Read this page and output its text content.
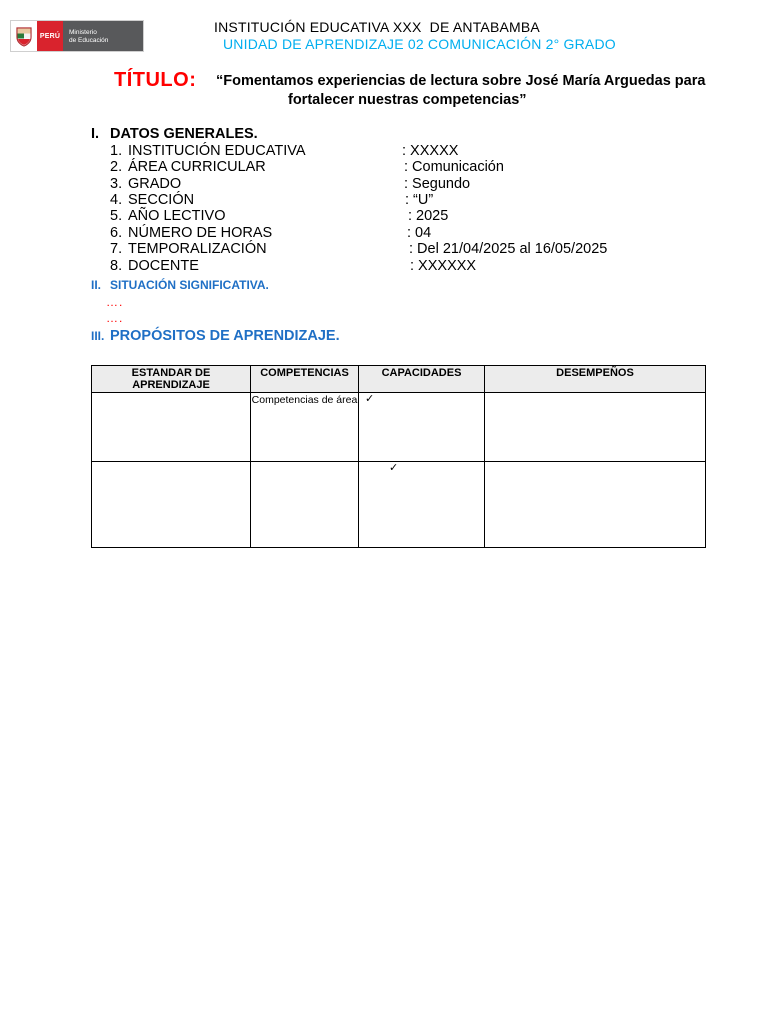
PERÚ	Ministerio
de Educación
INSTITUCIÓN EDUCATIVA XXX  DE ANTABAMBA
UNIDAD DE APRENDIZAJE 02 COMUNICACIÓN 2° GRADO
TÍTULO: “Fomentamos experiencias de lectura sobre José María Arguedas para
fortalecer nuestras competencias”
I. DATOS GENERALES.
1. INSTITUCIÓN EDUCATIVA	: XXXXX
2. ÁREA CURRICULAR	: Comunicación
3. GRADO	: Segundo
4. SECCIÓN	: “U”
5. AÑO LECTIVO	: 2025
6. NÚMERO DE HORAS	: 04
7. TEMPORALIZACIÓN	: Del 21/04/2025 al 16/05/2025
8. DOCENTE	: XXXXXX
II. SITUACIÓN SIGNIFICATIVA.
….
….
III. PROPÓSITOS DE APRENDIZAJE.
ESTANDAR DE APRENDIZAJE	COMPETENCIAS	CAPACIDADES	DESEMPEÑOS

	Competencias de área	✓	

		✓	
